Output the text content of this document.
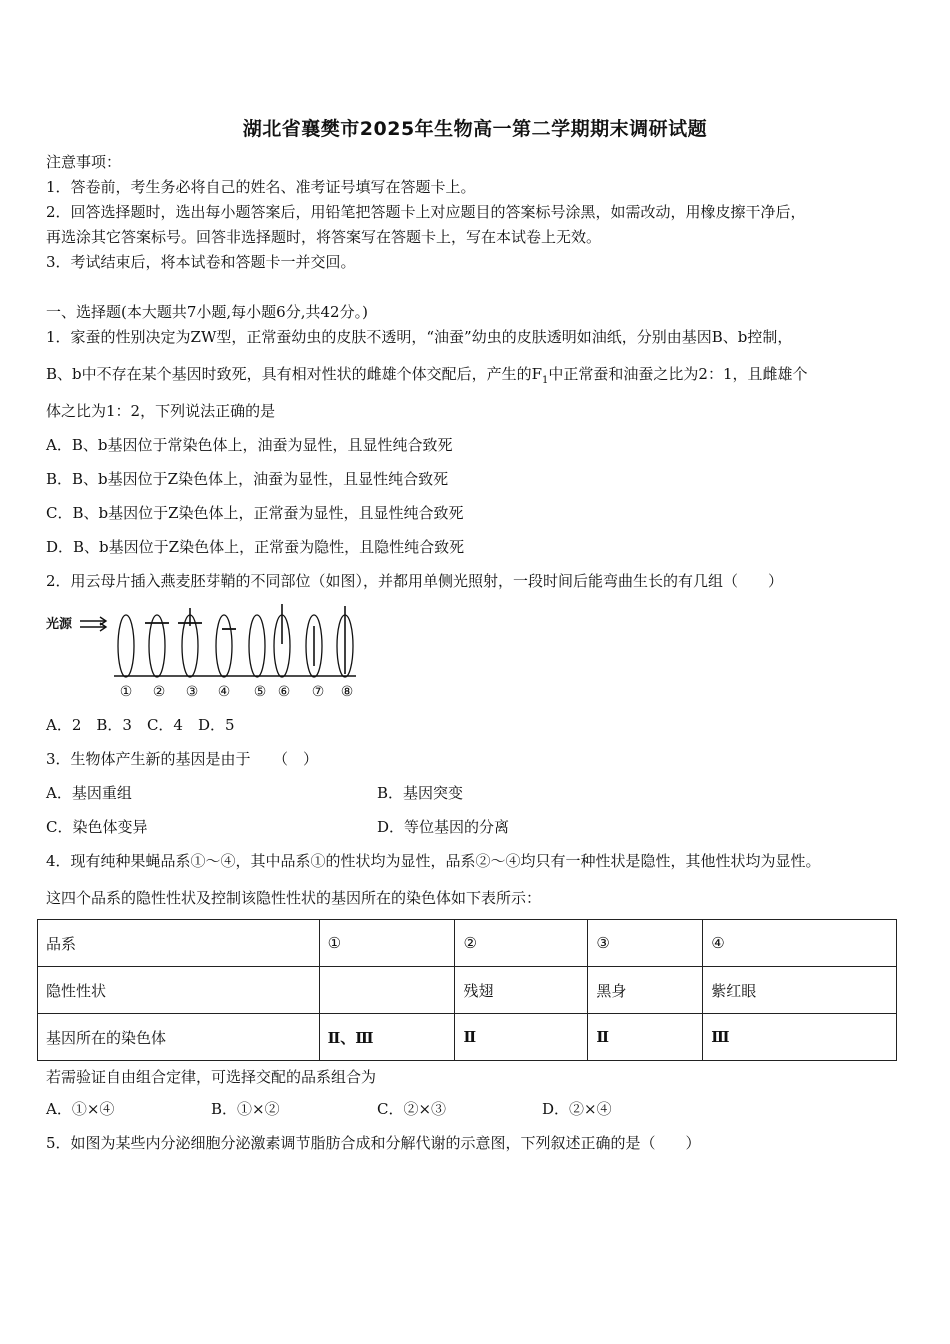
湖北省襄樊市2025年生物高一第二学期期末调研试题
注意事项：
1．答卷前，考生务必将自己的姓名、准考证号填写在答题卡上。
2．回答选择题时，选出每小题答案后，用铅笔把答题卡上对应题目的答案标号涂黑，如需改动，用橡皮擦干净后，
再选涂其它答案标号。回答非选择题时，将答案写在答题卡上，写在本试卷上无效。
3．考试结束后，将本试卷和答题卡一并交回。
一、选择题(本大题共7小题,每小题6分,共42分。)
1．家蚕的性别决定为ZW型，正常蚕幼虫的皮肤不透明，“油蚕”幼虫的皮肤透明如油纸，分别由基因B、b控制，
B、b中不存在某个基因时致死，具有相对性状的雌雄个体交配后，产生的$F_1$中正常蚕和油蚕之比为2：1，且雌雄个
体之比为1：2，下列说法正确的是
A．B、b基因位于常染色体上，油蚕为显性，且显性纯合致死
B．B、b基因位于Z染色体上，油蚕为显性，且显性纯合致死
C．B、b基因位于Z染色体上，正常蚕为显性，且显性纯合致死
D．B、b基因位于Z染色体上，正常蚕为隐性，且隐性纯合致死
2．用云母片插入燕麦胚芽鞘的不同部位（如图），并都用单侧光照射，一段时间后能弯曲生长的有几组（　　）
光源
① ② ③ ④ ⑤ ⑥ ⑦ ⑧
A．2　B．3　C．4　D．5
3．生物体产生新的基因是由于　　（　）
A．基因重组	B．基因突变
C．染色体变异	D．等位基因的分离
4．现有纯种果蝇品系①～④，其中品系①的性状均为显性，品系②～④均只有一种性状是隐性，其他性状均为显性。
这四个品系的隐性性状及控制该隐性性状的基因所在的染色体如下表所示：
品系	①	②	③	④
隐性性状		残翅	黑身	紫红眼
基因所在的染色体	Ⅱ、Ⅲ	Ⅱ	Ⅱ	Ⅲ
若需验证自由组合定律，可选择交配的品系组合为
A．①×④	B．①×②	C．②×③	D．②×④
5．如图为某些内分泌细胞分泌激素调节脂肪合成和分解代谢的示意图，下列叙述正确的是（　　）
